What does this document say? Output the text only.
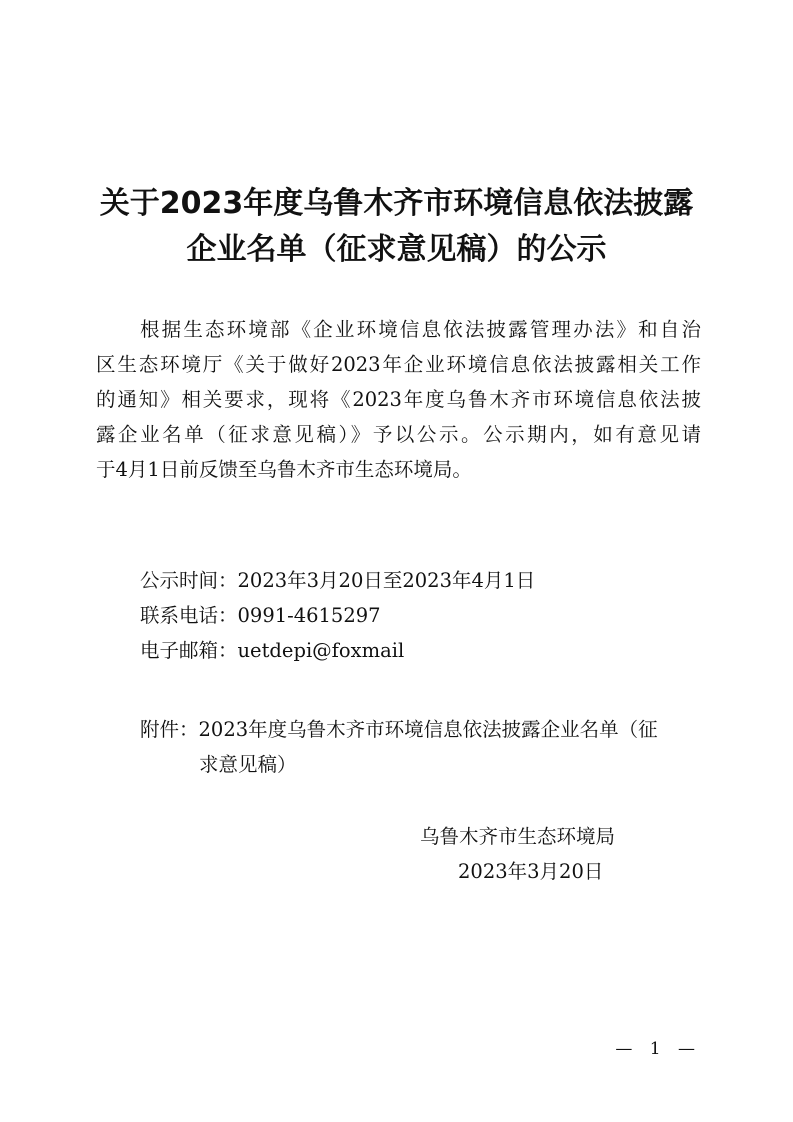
关于2023年度乌鲁木齐市环境信息依法披露
企业名单（征求意见稿）的公示
根据生态环境部《企业环境信息依法披露管理办法》和自治
区生态环境厅《关于做好2023年企业环境信息依法披露相关工作
的通知》相关要求，现将《2023年度乌鲁木齐市环境信息依法披
露企业名单（征求意见稿）》予以公示。公示期内，如有意见请
于4月1日前反馈至乌鲁木齐市生态环境局。
公示时间：2023年3月20日至2023年4月1日
联系电话：0991-4615297
电子邮箱：uetdepi@foxmail
附件：2023年度乌鲁木齐市环境信息依法披露企业名单（征
求意见稿）
乌鲁木齐市生态环境局
2023年3月20日
— 1 —
